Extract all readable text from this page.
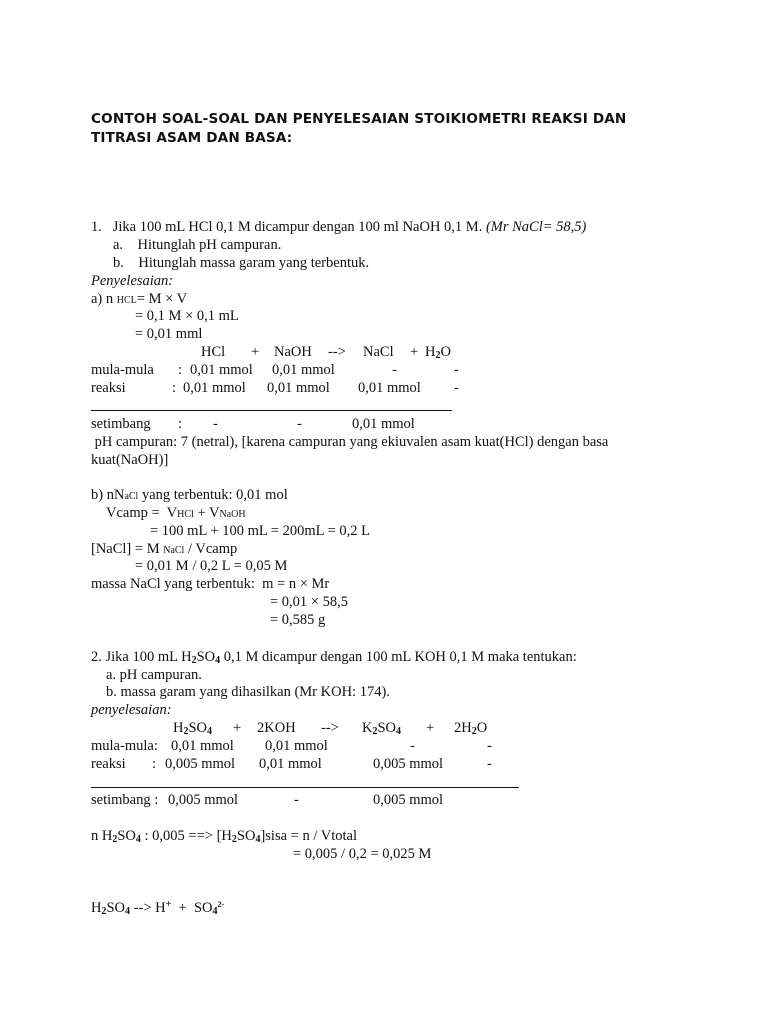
CONTOH SOAL-SOAL DAN PENYELESAIAN STOIKIOMETRI REAKSI DAN TITRASI ASAM DAN BASA:
1.   Jika 100 mL HCl 0,1 M dicampur dengan 100 ml NaOH 0,1 M. (Mr NaCl= 58,5)
a.    Hitunglah pH campuran.
b.    Hitunglah massa garam yang terbentuk.
Penyelesaian:
a) n HCL= M × V
= 0,1 M × 0,1 mL
= 0,01 mml
HCl + NaOH --> NaCl + $H_2O$
mula-mula : 0,01 mmol 0,01 mmol	-	-
reaksi	: 0,01 mmol 0,01 mmol 0,01 mmol -
setimbang : -	-	0,01 mmol
pH campuran: 7 (netral), [karena campuran yang ekiuvalen asam kuat(HCl) dengan basa
kuat(NaOH)]
b) nNaCl yang terbentuk: 0,01 mol
Vcamp =  VHCl + VNaOH
= 100 mL + 100 mL = 200mL = 0,2 L
[NaCl] = M NaCl / Vcamp
= 0,01 M / 0,2 L = 0,05 M
massa NaCl yang terbentuk:  m = n × Mr
= 0,01 × 58,5
= 0,585 g
2. Jika 100 mL $H_2SO_4$ 0,1 M dicampur dengan 100 mL KOH 0,1 M maka tentukan:
a. pH campuran.
b. massa garam yang dihasilkan (Mr KOH: 174).
penyelesaian:
$H_2SO_4 + 2KOH$ --> $K_2SO_4 + 2H_2O$
mula-mula: 0,01 mmol 0,01 mmol	-	-
reaksi : 0,005 mmol 0,01 mmol	0,005 mmol	-
setimbang : 0,005 mmol	-	0,005 mmol
n $H_2SO_4$ : 0,005 ==> $[H_2SO_4]sisa = n$ / Vtotal
= 0,005 / 0,2 = 0,025 M
$H_2SO_4$ --> $H^+ + SO_4^{2-}$
